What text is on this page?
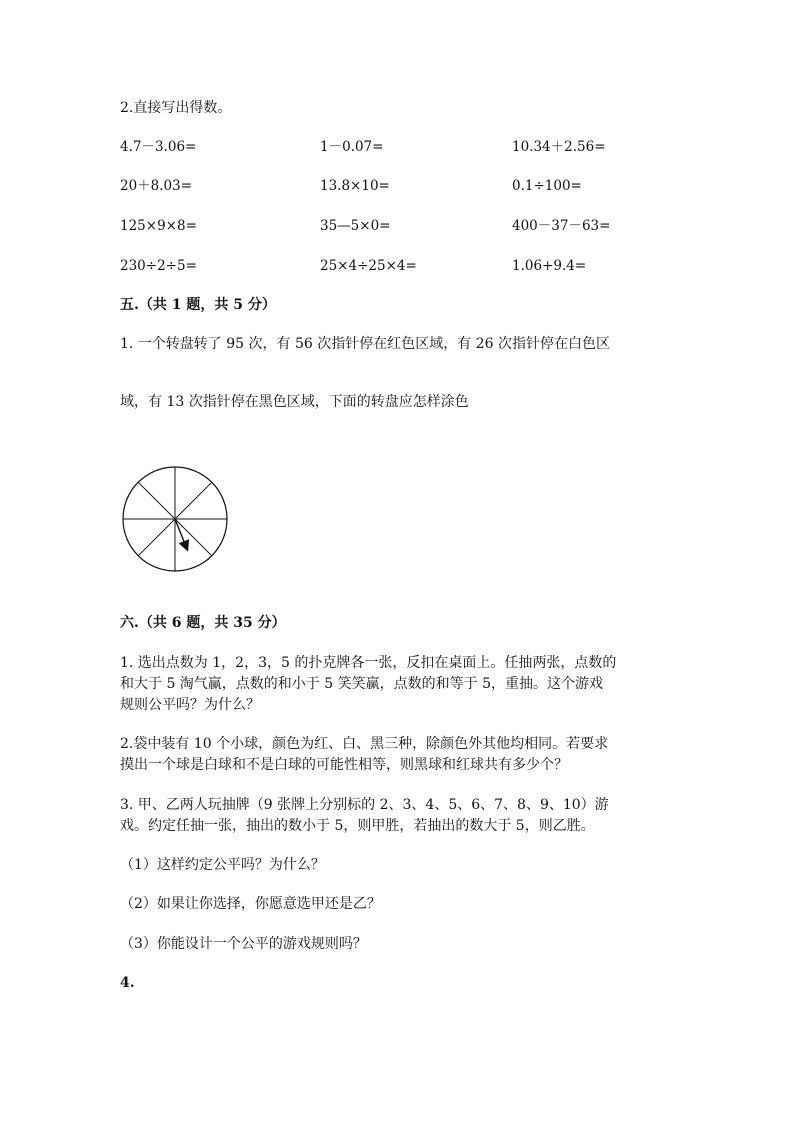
2.直接写出得数。
4.7－3.06=	1－0.07=	10.34＋2.56=
20＋8.03=	13.8×10=	0.1÷100=
125×9×8=	35—5×0=	400－37－63=
230÷2÷5=	25×4÷25×4=	1.06+9.4=
五.（共 1 题，共 5 分）
1. 一个转盘转了 95 次，有 56 次指针停在红色区域，有 26 次指针停在白色区
域，有 13 次指针停在黑色区域，下面的转盘应怎样涂色
六.（共 6 题，共 35 分）
1. 选出点数为 1，2，3，5 的扑克牌各一张，反扣在桌面上。任抽两张，点数的
和大于 5 淘气赢，点数的和小于 5 笑笑赢，点数的和等于 5，重抽。这个游戏
规则公平吗？为什么？
2.袋中装有 10 个小球，颜色为红、白、黑三种，除颜色外其他均相同。若要求
摸出一个球是白球和不是白球的可能性相等，则黑球和红球共有多少个？
3. 甲、乙两人玩抽牌（9 张牌上分别标的 2、3、4、5、6、7、8、9、10）游
戏。约定任抽一张，抽出的数小于 5，则甲胜，若抽出的数大于 5，则乙胜。
（1）这样约定公平吗？为什么？
（2）如果让你选择，你愿意选甲还是乙？
（3）你能设计一个公平的游戏规则吗？
4.
